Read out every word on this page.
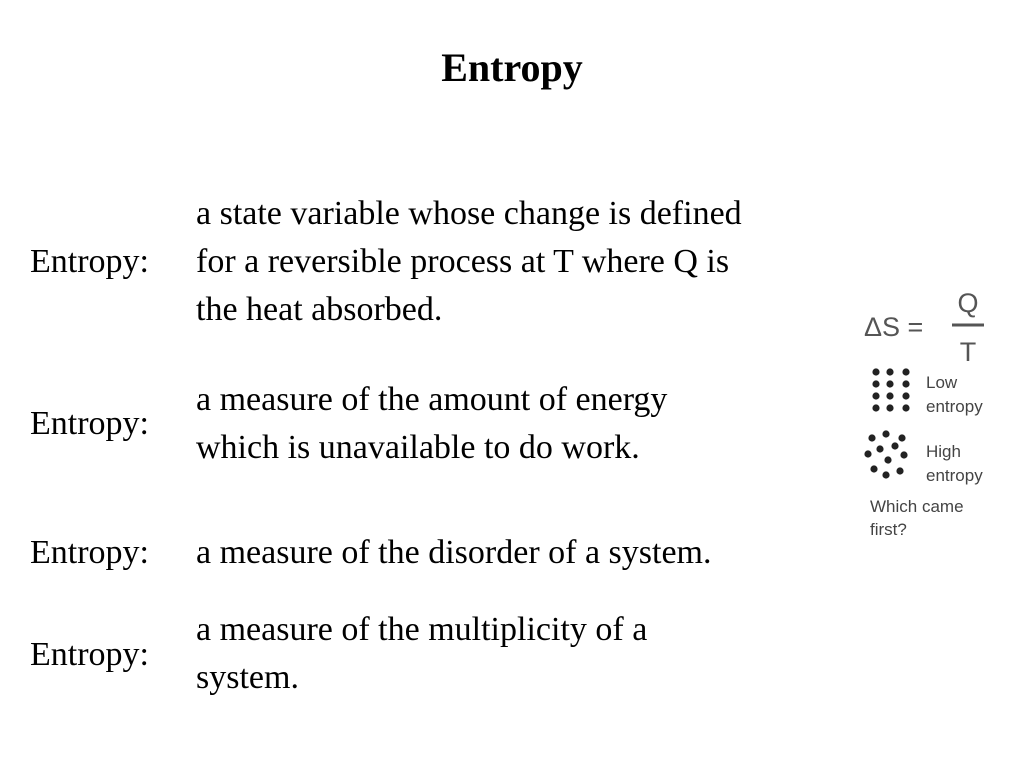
Entropy
Entropy:
a state variable whose change is defined
for a reversible process at T where Q is
the heat absorbed.
Entropy:
a measure of the amount of energy
which is unavailable to do work.
Entropy: a measure of the disorder of a system.
Entropy:
a measure of the multiplicity of a
system.
ΔS =
Q
T
Low
entropy
High
entropy
Which came
first?
